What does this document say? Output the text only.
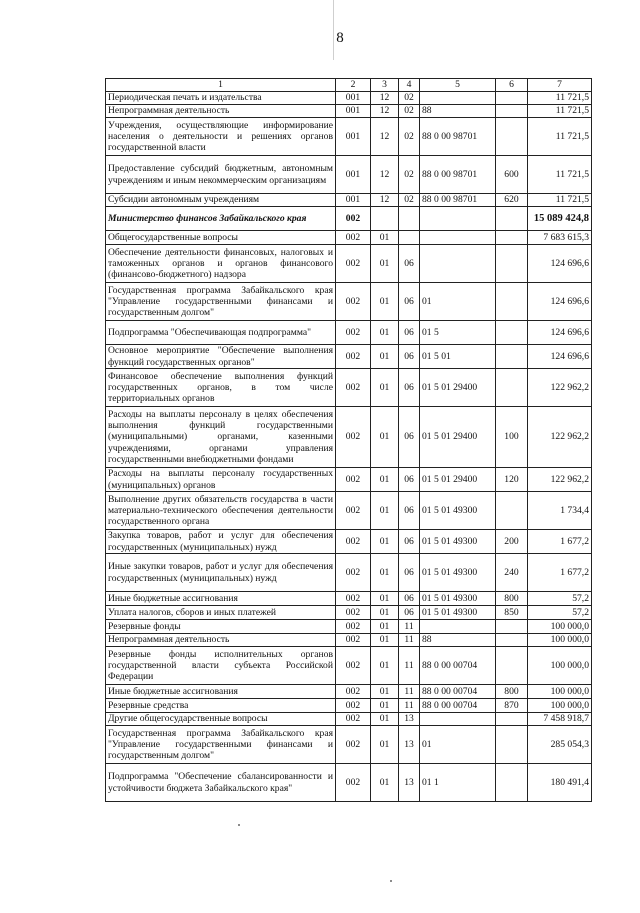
8
1	2	3	4	5	6	7
Периодическая печать и издательства	001	12	02			11 721,5
Непрограммная деятельность	001	12	02	88		11 721,5
Учреждения, осуществляющие информирование населения о деятельности и решениях органов государственной власти	001	12	02	88 0 00 98701		11 721,5
Предоставление субсидий бюджетным, автономным учреждениям и иным некоммерческим организациям	001	12	02	88 0 00 98701	600	11 721,5
Субсидии автономным учреждениям	001	12	02	88 0 00 98701	620	11 721,5
Министерство финансов Забайкальского края	002					15 089 424,8
Общегосударственные вопросы	002	01				7 683 615,3
Обеспечение деятельности финансовых, налоговых и таможенных органов и органов финансового (финансово-бюджетного) надзора	002	01	06			124 696,6
Государственная программа Забайкальского края "Управление государственными финансами и государственным долгом"	002	01	06	01		124 696,6
Подпрограмма "Обеспечивающая подпрограмма"	002	01	06	01 5		124 696,6
Основное мероприятие "Обеспечение выполнения функций государственных органов"	002	01	06	01 5 01		124 696,6
Финансовое обеспечение выполнения функций государственных органов, в том числе территориальных органов	002	01	06	01 5 01 29400		122 962,2
Расходы на выплаты персоналу в целях обеспечения выполнения функций государственными (муниципальными) органами, казенными учреждениями, органами управления государственными внебюджетными фондами	002	01	06	01 5 01 29400	100	122 962,2
Расходы на выплаты персоналу государственных (муниципальных) органов	002	01	06	01 5 01 29400	120	122 962,2
Выполнение других обязательств государства в части материально-технического обеспечения деятельности государственного органа	002	01	06	01 5 01 49300		1 734,4
Закупка товаров, работ и услуг для обеспечения государственных (муниципальных) нужд	002	01	06	01 5 01 49300	200	1 677,2
Иные закупки товаров, работ и услуг для обеспечения государственных (муниципальных) нужд	002	01	06	01 5 01 49300	240	1 677,2
Иные бюджетные ассигнования	002	01	06	01 5 01 49300	800	57,2
Уплата налогов, сборов и иных платежей	002	01	06	01 5 01 49300	850	57,2
Резервные фонды	002	01	11			100 000,0
Непрограммная деятельность	002	01	11	88		100 000,0
Резервные фонды исполнительных органов государственной власти субъекта Российской Федерации	002	01	11	88 0 00 00704		100 000,0
Иные бюджетные ассигнования	002	01	11	88 0 00 00704	800	100 000,0
Резервные средства	002	01	11	88 0 00 00704	870	100 000,0
Другие общегосударственные вопросы	002	01	13			7 458 918,7
Государственная программа Забайкальского края "Управление государственными финансами и государственным долгом"	002	01	13	01		285 054,3
Подпрограмма "Обеспечение сбалансированности и устойчивости бюджета Забайкальского края"	002	01	13	01 1		180 491,4
